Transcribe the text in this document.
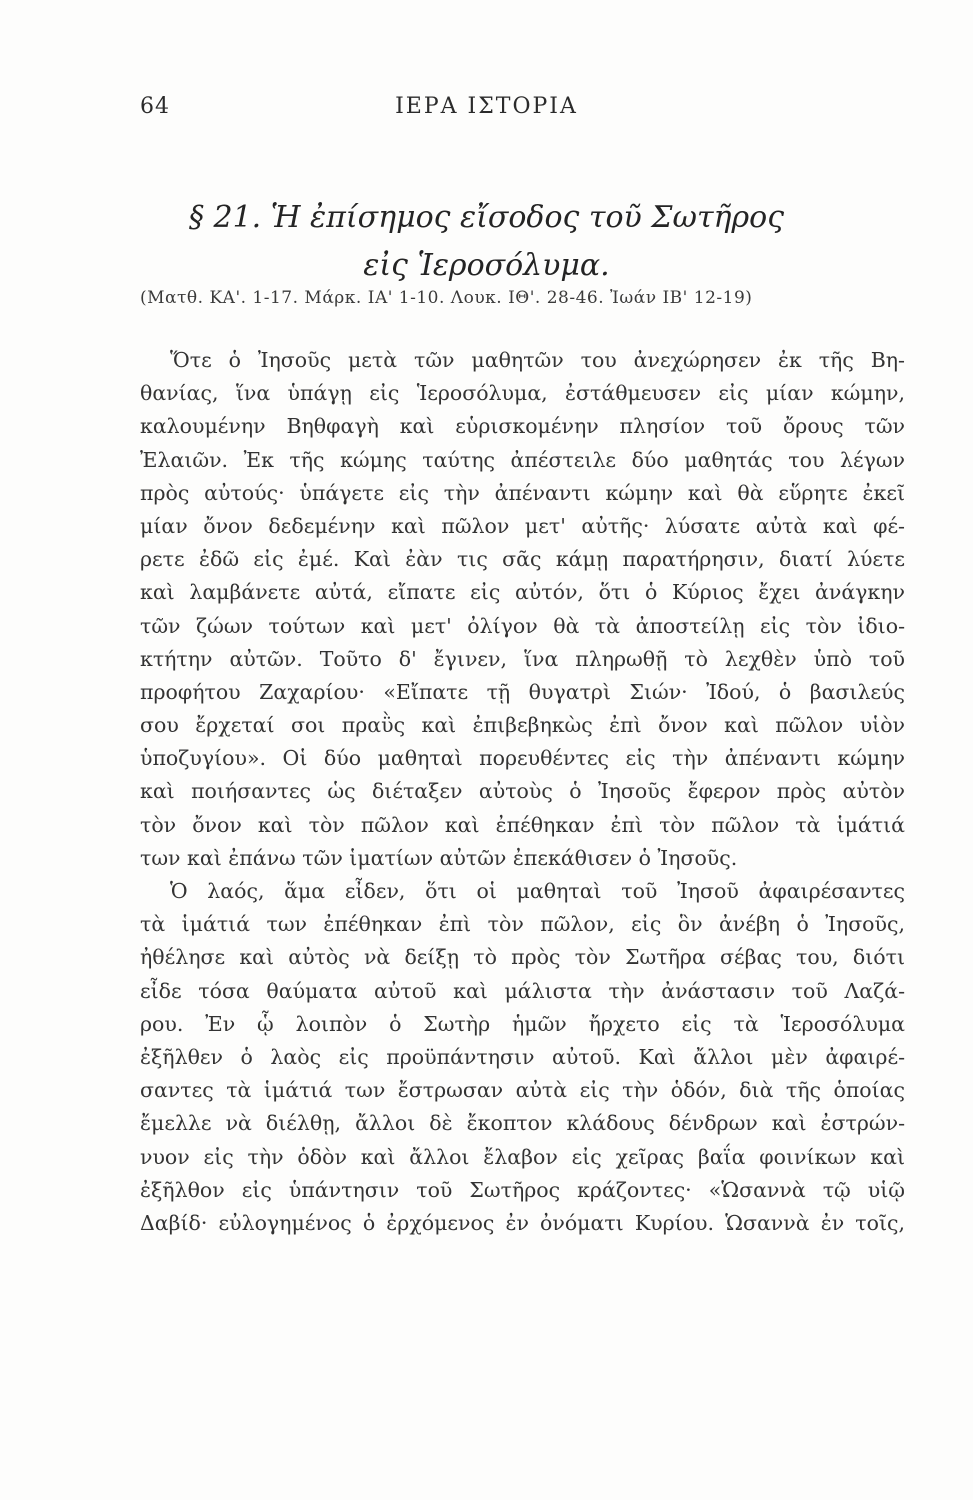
64	ΙΕΡΑ ΙΣΤΟΡΙΑ
§ 21. Ἡ ἐπίσημος εἴσοδος τοῦ Σωτῆρος
εἰς Ἱεροσόλυμα.
(Ματθ. ΚΑ'. 1-17. Μάρκ. ΙΑ' 1-10. Λουκ. ΙΘ'. 28-46. Ἰωάν ΙΒ' 12-19)
Ὅτε ὁ Ἰησοῦς μετὰ τῶν μαθητῶν του ἀνεχώρησεν ἐκ τῆς Βη-
θανίας, ἵνα ὑπάγῃ εἰς Ἱεροσόλυμα, ἐστάθμευσεν εἰς μίαν κώμην,
καλουμένην Βηθφαγὴ καὶ εὑρισκομένην πλησίον τοῦ ὄρους τῶν
Ἐλαιῶν. Ἐκ τῆς κώμης ταύτης ἀπέστειλε δύο μαθητάς του λέγων
πρὸς αὐτούς· ὑπάγετε εἰς τὴν ἀπέναντι κώμην καὶ θὰ εὕρητε ἐκεῖ
μίαν ὄνον δεδεμένην καὶ πῶλον μετ' αὐτῆς· λύσατε αὐτὰ καὶ φέ-
ρετε ἐδῶ εἰς ἐμέ. Καὶ ἐὰν τις σᾶς κάμῃ παρατήρησιν, διατί λύετε
καὶ λαμβάνετε αὐτά, εἴπατε εἰς αὐτόν, ὅτι ὁ Κύριος ἔχει ἀνάγκην
τῶν ζώων τούτων καὶ μετ' ὀλίγον θὰ τὰ ἀποστείλῃ εἰς τὸν ἰδιο-
κτήτην αὐτῶν. Τοῦτο δ' ἔγινεν, ἵνα πληρωθῇ τὸ λεχθὲν ὑπὸ τοῦ
προφήτου Ζαχαρίου· «Εἴπατε τῇ θυγατρὶ Σιών· Ἰδού, ὁ βασιλεύς
σου ἔρχεταί σοι πραῢς καὶ ἐπιβεβηκὼς ἐπὶ ὄνον καὶ πῶλον υἱὸν
ὑποζυγίου». Οἱ δύο μαθηταὶ πορευθέντες εἰς τὴν ἀπέναντι κώμην
καὶ ποιήσαντες ὡς διέταξεν αὐτοὺς ὁ Ἰησοῦς ἔφερον πρὸς αὐτὸν
τὸν ὄνον καὶ τὸν πῶλον καὶ ἐπέθηκαν ἐπὶ τὸν πῶλον τὰ ἱμάτιά
των καὶ ἐπάνω τῶν ἱματίων αὐτῶν ἐπεκάθισεν ὁ Ἰησοῦς.
Ὁ λαός, ἅμα εἶδεν, ὅτι οἱ μαθηταὶ τοῦ Ἰησοῦ ἀφαιρέσαντες
τὰ ἱμάτιά των ἐπέθηκαν ἐπὶ τὸν πῶλον, εἰς ὃν ἀνέβη ὁ Ἰησοῦς,
ἠθέλησε καὶ αὐτὸς νὰ δείξῃ τὸ πρὸς τὸν Σωτῆρα σέβας του, διότι
εἶδε τόσα θαύματα αὐτοῦ καὶ μάλιστα τὴν ἀνάστασιν τοῦ Λαζά-
ρου. Ἐν ᾧ λοιπὸν ὁ Σωτὴρ ἡμῶν ἤρχετο εἰς τὰ Ἱεροσόλυμα
ἐξῆλθεν ὁ λαὸς εἰς προϋπάντησιν αὐτοῦ. Καὶ ἄλλοι μὲν ἀφαιρέ-
σαντες τὰ ἱμάτιά των ἔστρωσαν αὐτὰ εἰς τὴν ὁδόν, διὰ τῆς ὁποίας
ἔμελλε νὰ διέλθῃ, ἄλλοι δὲ ἔκοπτον κλάδους δένδρων καὶ ἐστρών-
νυον εἰς τὴν ὁδὸν καὶ ἄλλοι ἔλαβον εἰς χεῖρας βαΐα φοινίκων καὶ
ἐξῆλθον εἰς ὑπάντησιν τοῦ Σωτῆρος κράζοντες· «Ὡσαννὰ τῷ υἱῷ
Δαβίδ· εὐλογημένος ὁ ἐρχόμενος ἐν ὀνόματι Κυρίου. Ὡσαννὰ ἐν τοῖς,
